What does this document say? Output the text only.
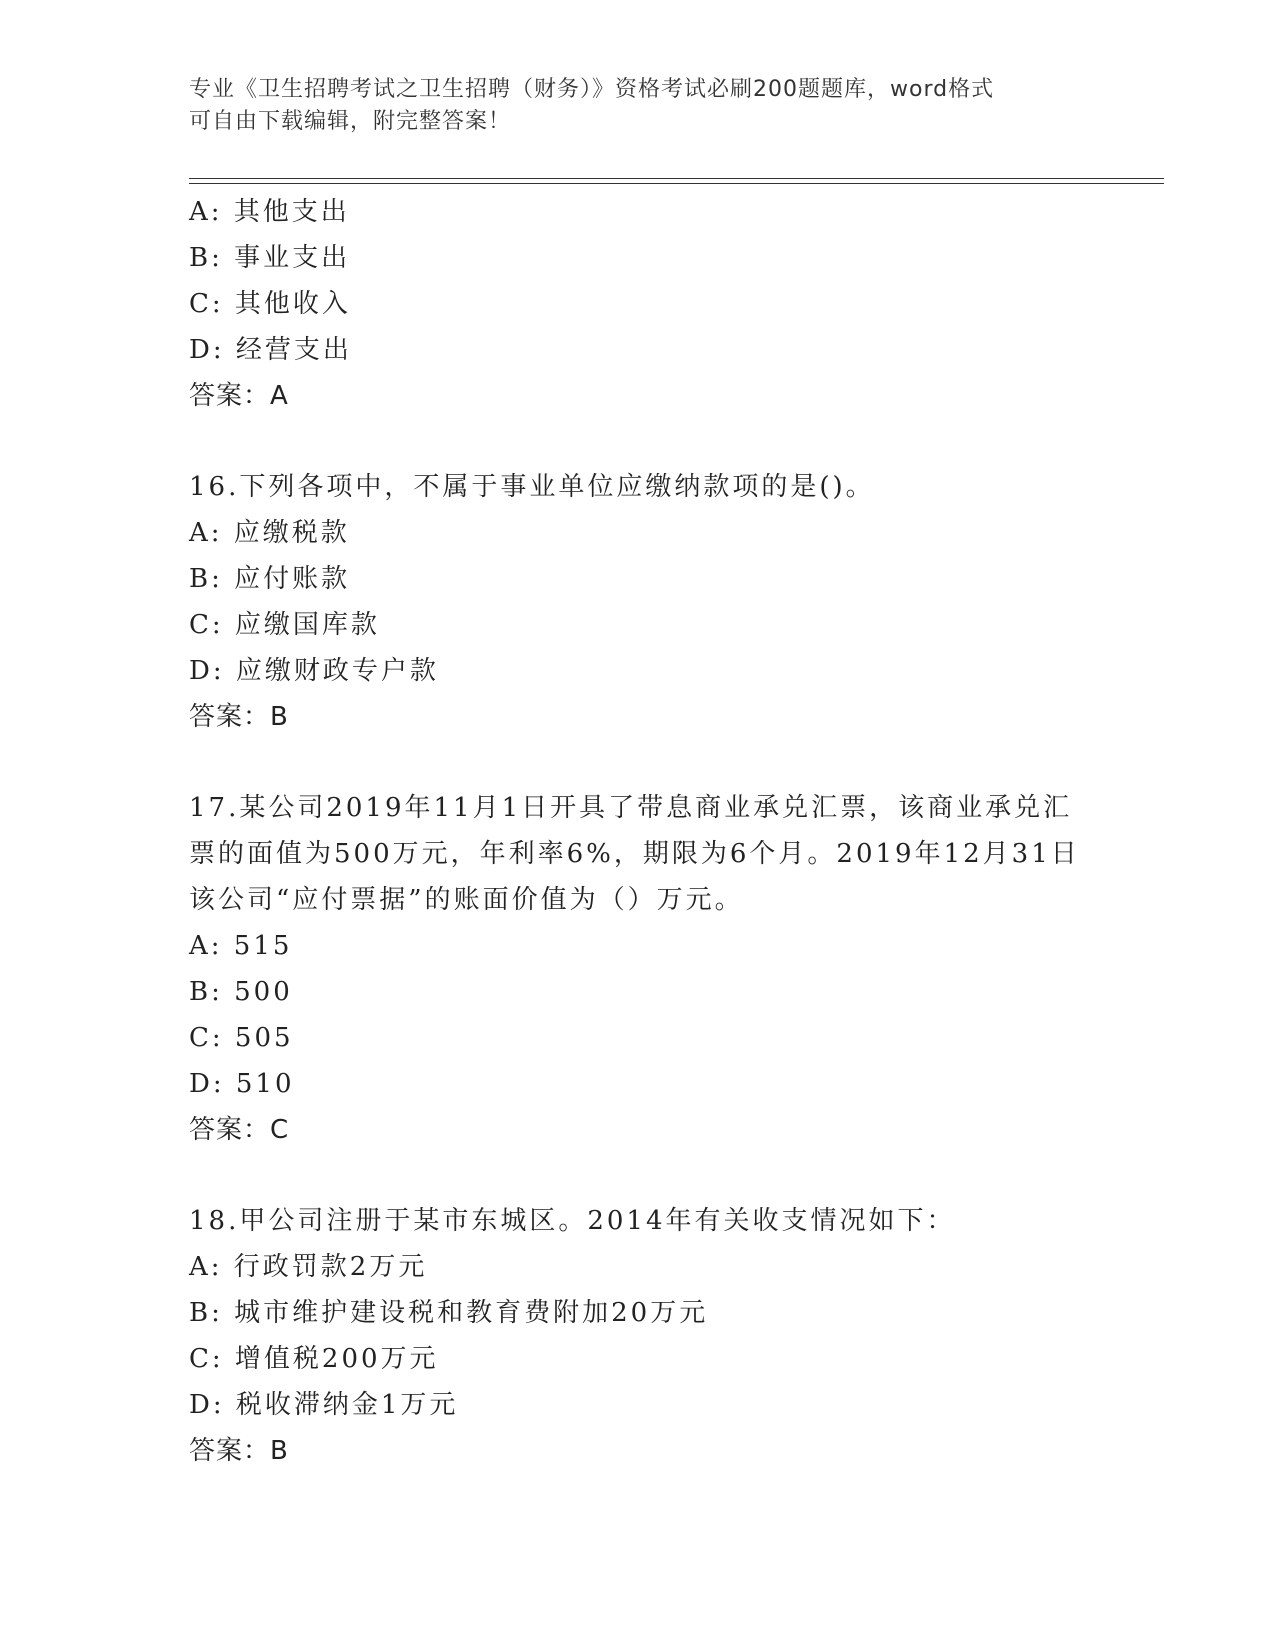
专业《卫生招聘考试之卫生招聘（财务）》资格考试必刷200题题库，word格式
可自由下载编辑，附完整答案！
A: 其他支出
B: 事业支出
C: 其他收入
D: 经营支出
答案：A
16.下列各项中，不属于事业单位应缴纳款项的是()。
A: 应缴税款
B: 应付账款
C: 应缴国库款
D: 应缴财政专户款
答案：B
17.某公司2019年11月1日开具了带息商业承兑汇票，该商业承兑汇
票的面值为500万元，年利率6%，期限为6个月。2019年12月31日
该公司“应付票据”的账面价值为（）万元。
A: 515
B: 500
C: 505
D: 510
答案：C
18.甲公司注册于某市东城区。2014年有关收支情况如下：
A: 行政罚款2万元
B: 城市维护建设税和教育费附加20万元
C: 增值税200万元
D: 税收滞纳金1万元
答案：B
